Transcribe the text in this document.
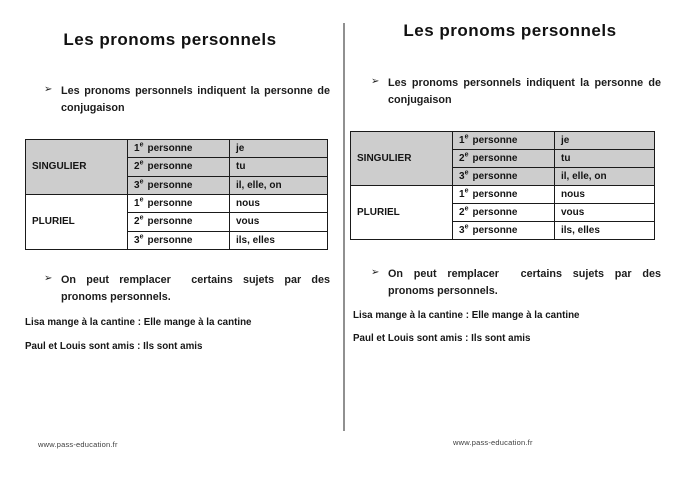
Les pronoms personnels
➢ Les pronoms personnels indiquent la personne de
conjugaison
SINGULIER	1e personne	je
	2e personne	tu
	3e personne	il, elle, on
PLURIEL	1e personne	nous
	2e personne	vous
	3e personne	ils, elles
➢ On peut remplacer  certains sujets par des
pronoms personnels.
Lisa mange à la cantine : Elle mange à la cantine
Paul et Louis sont amis : Ils sont amis
www.pass-education.fr
Les pronoms personnels
➢ Les pronoms personnels indiquent la personne de
conjugaison
SINGULIER	1e personne	je
	2e personne	tu
	3e personne	il, elle, on
PLURIEL	1e personne	nous
	2e personne	vous
	3e personne	ils, elles
➢ On peut remplacer  certains sujets par des
pronoms personnels.
Lisa mange à la cantine : Elle mange à la cantine
Paul et Louis sont amis : Ils sont amis
www.pass-education.fr
